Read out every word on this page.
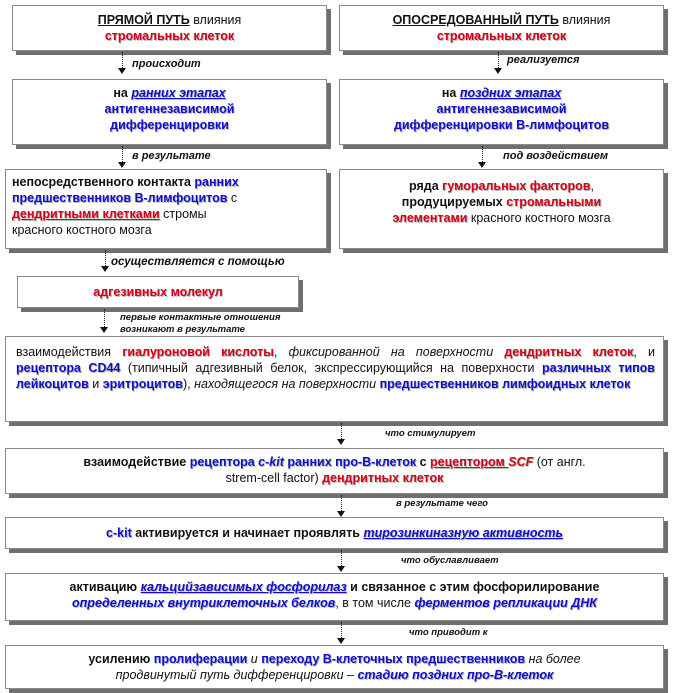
ПРЯМОЙ ПУТЬ влияния
стромальных клеток
происходит
на ранних этапах
антигеннезависимой
дифференцировки
в результате
непосредственного контакта ранних
предшественников В-лимфоцитов с
дендритными клетками стромы
красного костного мозга
осуществляется с помощью
адгезивных молекул
первые контактные отношения
возникают в результате
ОПОСРЕДОВАННЫЙ ПУТЬ влияния
стромальных клеток
реализуется
на поздних этапах
антигеннезависимой
дифференцировки В-лимфоцитов
под воздействием
ряда гуморальных факторов,
продуцируемых стромальными
элементами красного костного мозга
взаимодействия гиалуроновой кислоты, фиксированной на поверхности дендритных клеток, и рецептора CD44 (типичный адгезивный белок, экспрессирующийся на поверхности различных типов лейкоцитов и эритроцитов), находящегося на поверхности предшественников лимфоидных клеток
что стимулирует
взаимодействие рецептора c-kit ранних про-В-клеток с рецептором SCF (от англ.
strem-cell factor) дендритных клеток
в результате чего
c-kit активируется и начинает проявлять тирозинкиназную активность
что обуславливает
активацию кальцийзависимых фосфорилаз и связанное с этим фосфорилирование
определенных внутриклеточных белков, в том числе ферментов репликации ДНК
что приводит к
усилению пролиферации и переходу В-клеточных предшественников на более
продвинутый путь дифференцировки – стадию поздних про-В-клеток
